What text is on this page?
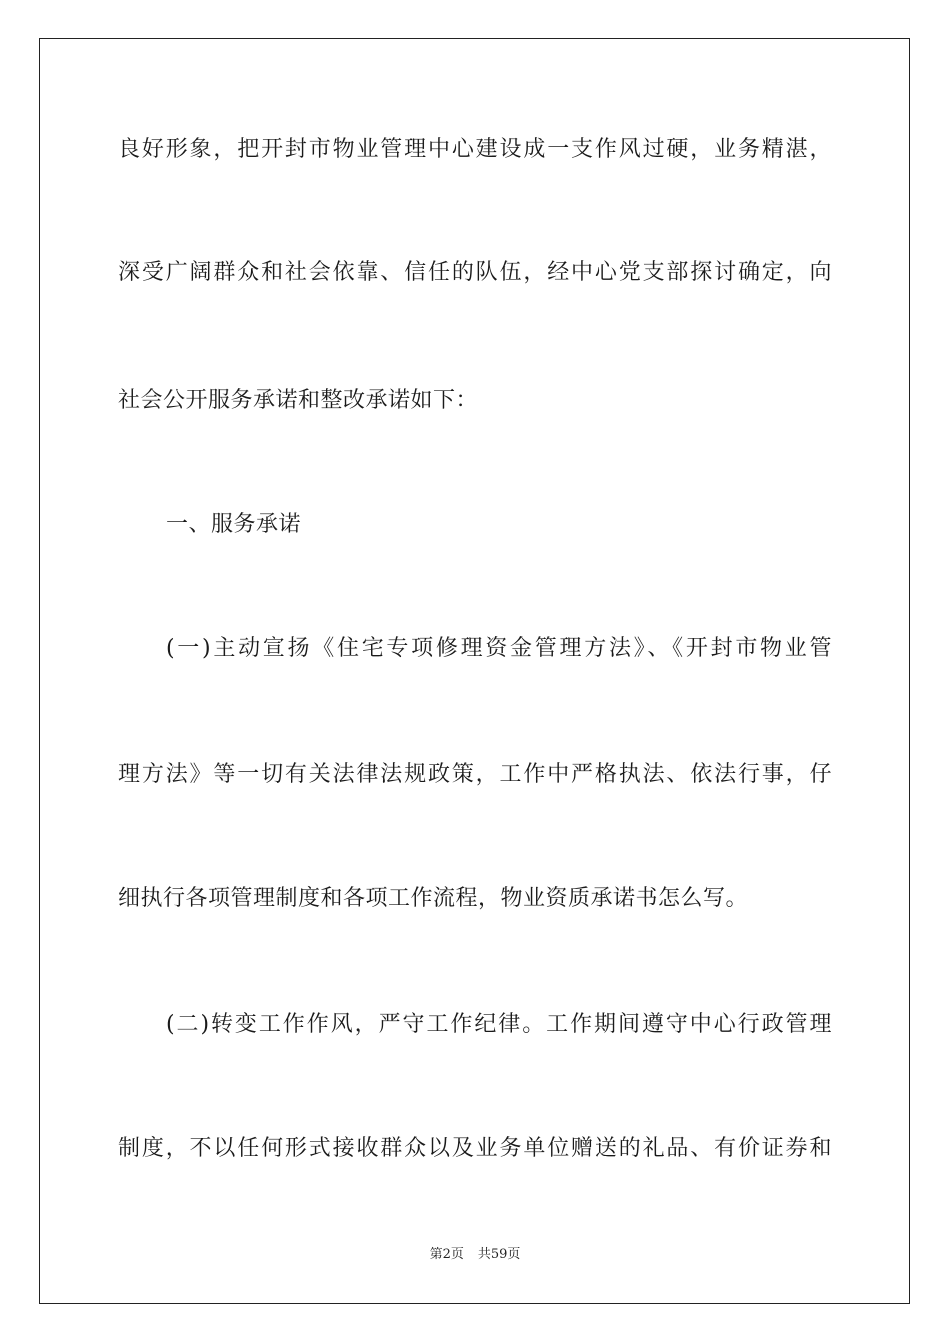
良好形象，把开封市物业管理中心建设成一支作风过硬，业务精湛，
深受广阔群众和社会依靠、信任的队伍，经中心党支部探讨确定，向
社会公开服务承诺和整改承诺如下：
一、服务承诺
(一)主动宣扬《住宅专项修理资金管理方法》、《开封市物业管
理方法》等一切有关法律法规政策，工作中严格执法、依法行事，仔
细执行各项管理制度和各项工作流程，物业资质承诺书怎么写。
(二)转变工作作风，严守工作纪律。工作期间遵守中心行政管理
制度，不以任何形式接收群众以及业务单位赠送的礼品、有价证券和
第2页 共59页
